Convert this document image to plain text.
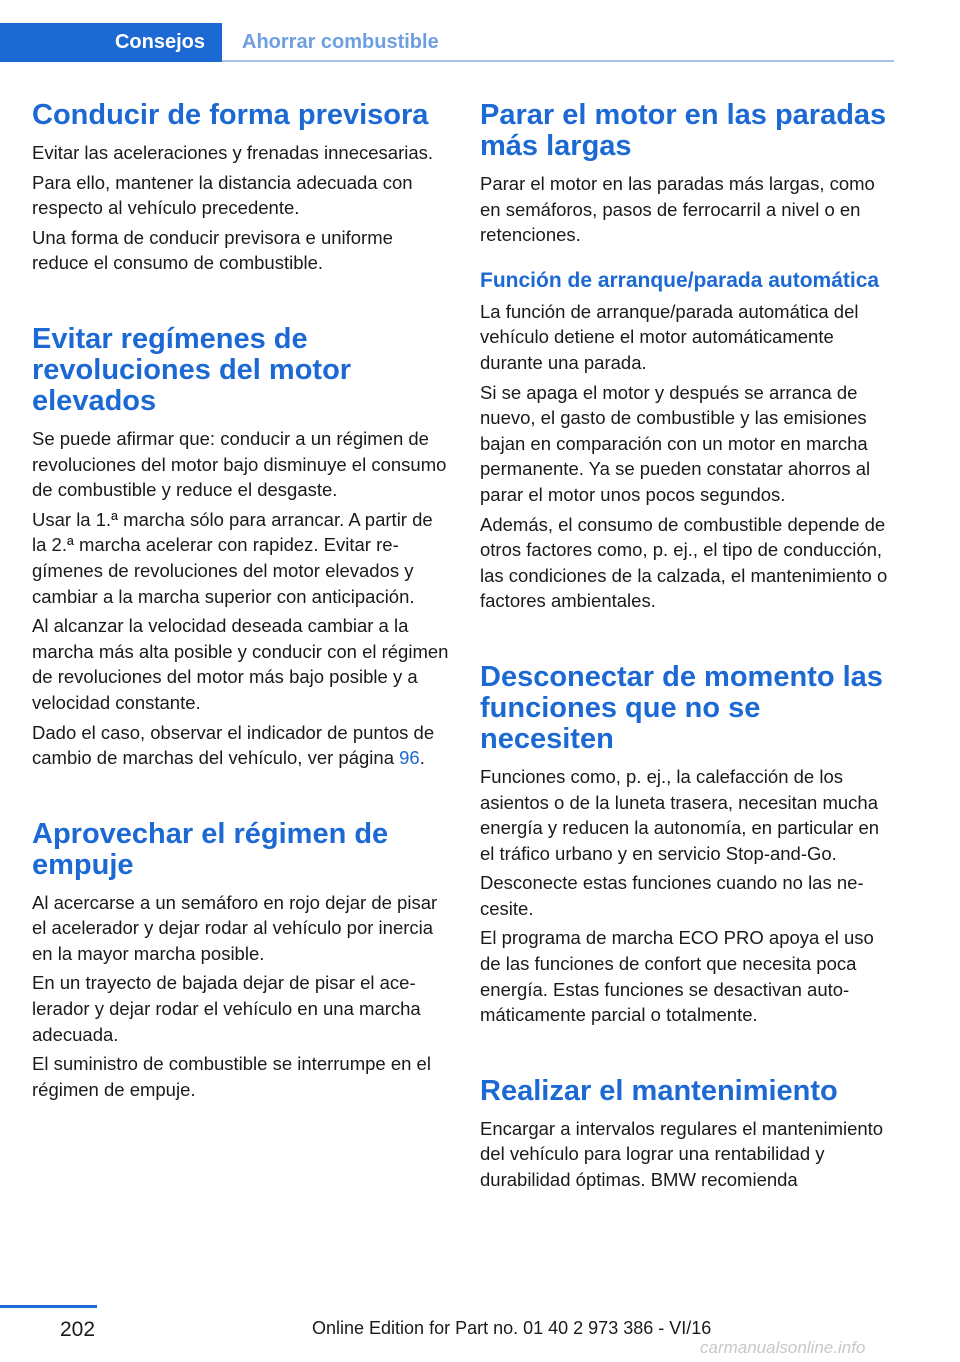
Consejos Ahorrar combustible
Conducir de forma previsora

Evitar las aceleraciones y frenadas innecesarias.

Para ello, mantener la distancia adecuada con respecto al vehículo precedente.

Una forma de conducir previsora e uniforme reduce el consumo de combustible.

Evitar regímenes de revoluciones del motor elevados

Se puede afirmar que: conducir a un régimen de revoluciones del motor bajo disminuye el consumo de combustible y reduce el desgaste.

Usar la 1.ª marcha sólo para arrancar. A partir de la 2.ª marcha acelerar con rapidez. Evitar regímenes de revoluciones del motor elevados y cambiar a la marcha superior con anticipación.

Al alcanzar la velocidad deseada cambiar a la marcha más alta posible y conducir con el régimen de revoluciones del motor más bajo posible y a velocidad constante.

Dado el caso, observar el indicador de puntos de cambio de marchas del vehículo, ver página 96.

Aprovechar el régimen de empuje

Al acercarse a un semáforo en rojo dejar de pisar el acelerador y dejar rodar al vehículo por inercia en la mayor marcha posible.

En un trayecto de bajada dejar de pisar el acelerador y dejar rodar el vehículo en una marcha adecuada.

El suministro de combustible se interrumpe en el régimen de empuje.

Parar el motor en las paradas más largas

Parar el motor en las paradas más largas, como en semáforos, pasos de ferrocarril a nivel o en retenciones.

Función de arranque/parada automática

La función de arranque/parada automática del vehículo detiene el motor automáticamente durante una parada.

Si se apaga el motor y después se arranca de nuevo, el gasto de combustible y las emisiones bajan en comparación con un motor en marcha permanente. Ya se pueden constatar ahorros al parar el motor unos pocos segundos.

Además, el consumo de combustible depende de otros factores como, p. ej., el tipo de conducción, las condiciones de la calzada, el mantenimiento o factores ambientales.

Desconectar de momento las funciones que no se necesiten

Funciones como, p. ej., la calefacción de los asientos o de la luneta trasera, necesitan mucha energía y reducen la autonomía, en particular en el tráfico urbano y en servicio Stop-and-Go.

Desconecte estas funciones cuando no las necesite.

El programa de marcha ECO PRO apoya el uso de las funciones de confort que necesita poca energía. Estas funciones se desactivan automáticamente parcial o totalmente.

Realizar el mantenimiento

Encargar a intervalos regulares el mantenimiento del vehículo para lograr una rentabilidad y durabilidad óptimas. BMW recomienda

202	Online Edition for Part no. 01 40 2 973 386 - VI/16
carmanualsonline.info
